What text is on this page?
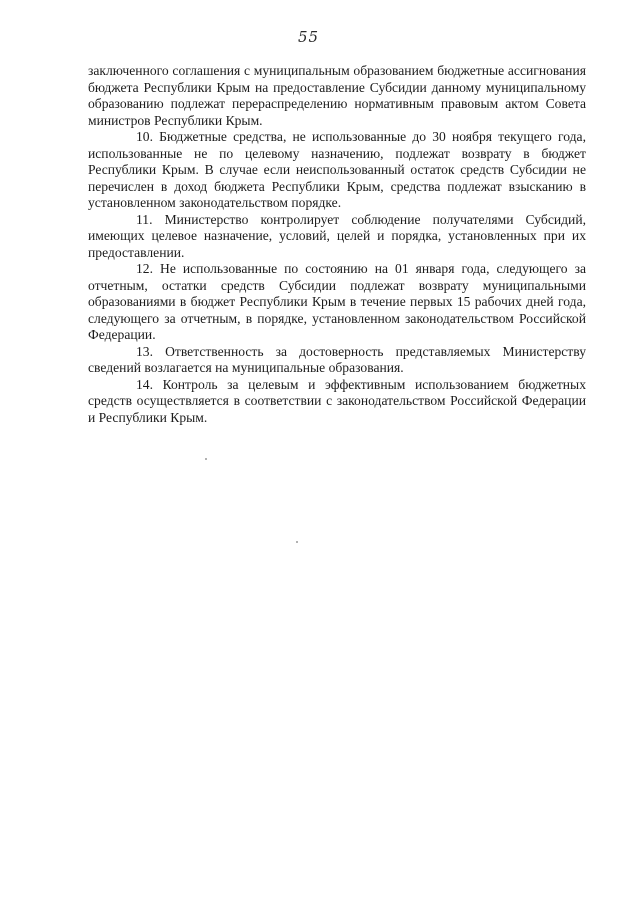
55

заключенного соглашения с муниципальным образованием бюджетные ассигнования бюджета Республики Крым на предоставление Субсидии данному муниципальному образованию подлежат перераспределению нормативным правовым актом Совета министров Республики Крым.

10. Бюджетные средства, не использованные до 30 ноября текущего года, использованные не по целевому назначению, подлежат возврату в бюджет Республики Крым. В случае если неиспользованный остаток средств Субсидии не перечислен в доход бюджета Республики Крым, средства подлежат взысканию в установленном законодательством порядке.

11. Министерство контролирует соблюдение получателями Субсидий, имеющих целевое назначение, условий, целей и порядка, установленных при их предоставлении.

12. Не использованные по состоянию на 01 января года, следующего за отчетным, остатки средств Субсидии подлежат возврату муниципальными образованиями в бюджет Республики Крым в течение первых 15 рабочих дней года, следующего за отчетным, в порядке, установленном законодательством Российской Федерации.

13. Ответственность за достоверность представляемых Министерству сведений возлагается на муниципальные образования.

14. Контроль за целевым и эффективным использованием бюджетных средств осуществляется в соответствии с законодательством Российской Федерации и Республики Крым.
